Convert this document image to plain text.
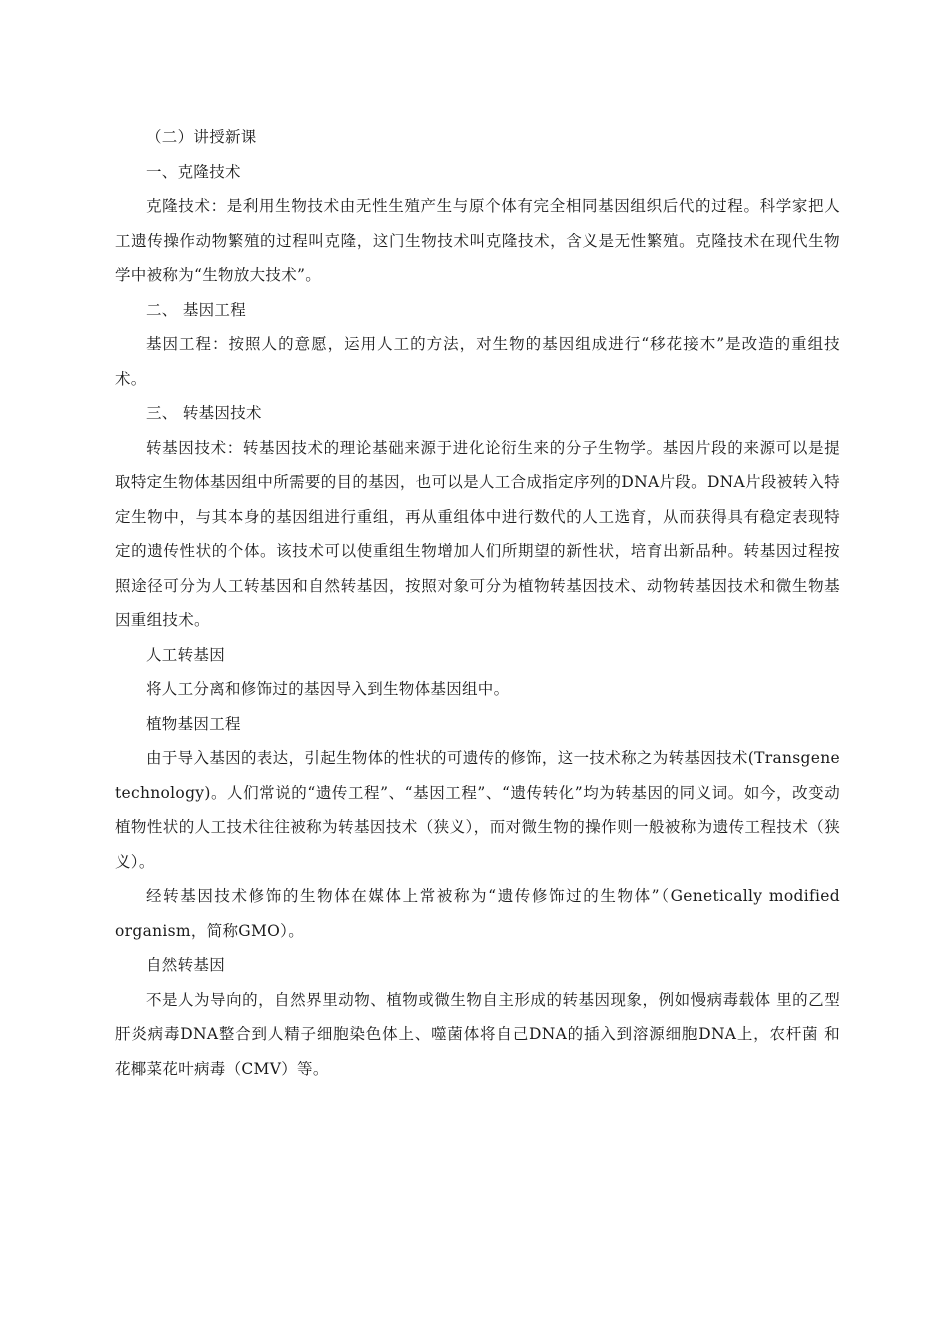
（二）讲授新课

一、克隆技术

克隆技术：是利用生物技术由无性生殖产生与原个体有完全相同基因组织后代的过程。科学家把人工遗传操作动物繁殖的过程叫克隆，这门生物技术叫克隆技术，含义是无性繁殖。克隆技术在现代生物学中被称为“生物放大技术”。

二、 基因工程

基因工程：按照人的意愿，运用人工的方法，对生物的基因组成进行“移花接木”是改造的重组技术。

三、 转基因技术

转基因技术：转基因技术的理论基础来源于进化论衍生来的分子生物学。基因片段的来源可以是提取特定生物体基因组中所需要的目的基因，也可以是人工合成指定序列的DNA片段。DNA片段被转入特定生物中，与其本身的基因组进行重组，再从重组体中进行数代的人工选育，从而获得具有稳定表现特定的遗传性状的个体。该技术可以使重组生物增加人们所期望的新性状，培育出新品种。转基因过程按照途径可分为人工转基因和自然转基因，按照对象可分为植物转基因技术、动物转基因技术和微生物基因重组技术。

人工转基因

将人工分离和修饰过的基因导入到生物体基因组中。

植物基因工程

由于导入基因的表达，引起生物体的性状的可遗传的修饰，这一技术称之为转基因技术(Transgene technology)。人们常说的“遗传工程”、“基因工程”、“遗传转化”均为转基因的同义词。如今，改变动植物性状的人工技术往往被称为转基因技术（狭义），而对微生物的操作则一般被称为遗传工程技术（狭义）。

经转基因技术修饰的生物体在媒体上常被称为“遗传修饰过的生物体”（Genetically modified organism，简称GMO）。

自然转基因

不是人为导向的，自然界里动物、植物或微生物自主形成的转基因现象，例如慢病毒载体 里的乙型肝炎病毒DNA整合到人精子细胞染色体上、噬菌体将自己DNA的插入到溶源细胞DNA上，农杆菌 和 花椰菜花叶病毒（CMV）等。
